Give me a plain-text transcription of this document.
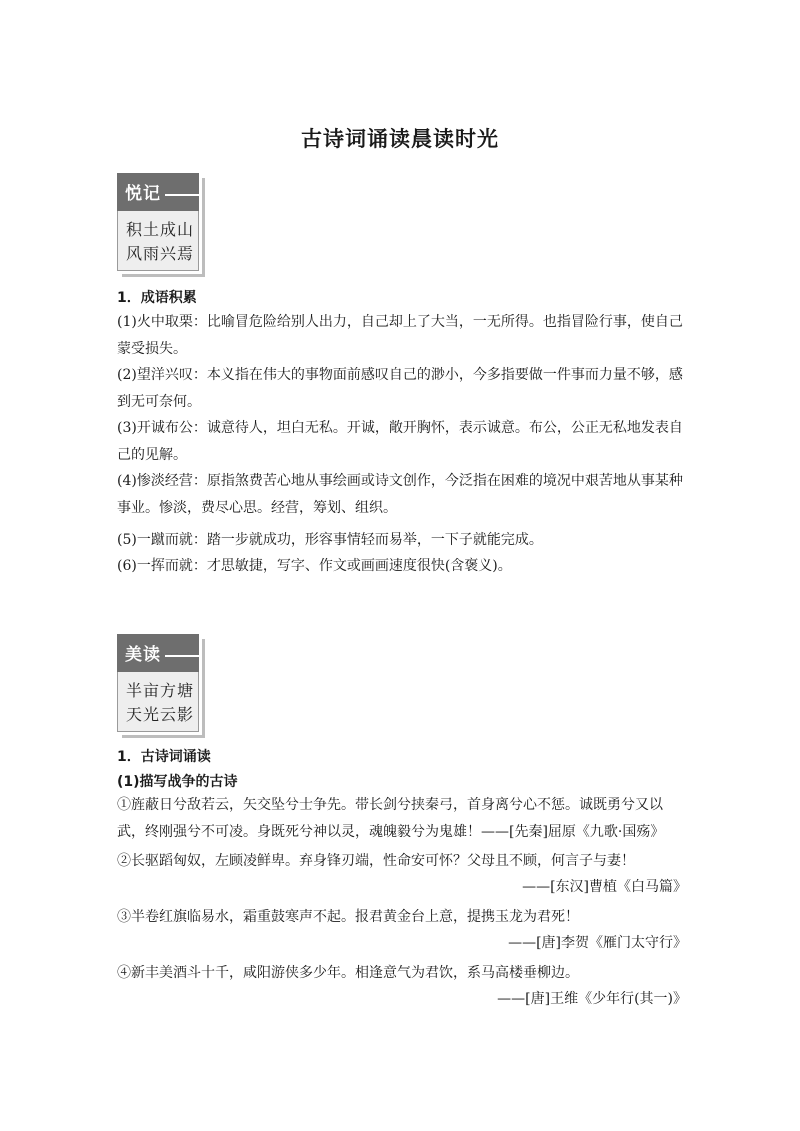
古诗词诵读晨读时光
悦记
积土成山
风雨兴焉
1．成语积累
(1)火中取栗：比喻冒危险给别人出力，自己却上了大当，一无所得。也指冒险行事，使自己蒙受损失。
(2)望洋兴叹：本义指在伟大的事物面前感叹自己的渺小，今多指要做一件事而力量不够，感到无可奈何。
(3)开诚布公：诚意待人，坦白无私。开诚，敞开胸怀，表示诚意。布公，公正无私地发表自己的见解。
(4)惨淡经营：原指煞费苦心地从事绘画或诗文创作，今泛指在困难的境况中艰苦地从事某种事业。惨淡，费尽心思。经营，筹划、组织。
(5)一蹴而就：踏一步就成功，形容事情轻而易举，一下子就能完成。
(6)一挥而就：才思敏捷，写字、作文或画画速度很快(含褒义)。
美读
半亩方塘
天光云影
1．古诗词诵读
(1)描写战争的古诗
①旌蔽日兮敌若云，矢交坠兮士争先。带长剑兮挟秦弓，首身离兮心不惩。诚既勇兮又以武，终刚强兮不可凌。身既死兮神以灵，魂魄毅兮为鬼雄！——[先秦]屈原《九歌·国殇》
②长驱蹈匈奴，左顾凌鲜卑。弃身锋刃端，性命安可怀？父母且不顾，何言子与妻！
——[东汉]曹植《白马篇》
③半卷红旗临易水，霜重鼓寒声不起。报君黄金台上意，提携玉龙为君死！
——[唐]李贺《雁门太守行》
④新丰美酒斗十千，咸阳游侠多少年。相逢意气为君饮，系马高楼垂柳边。
——[唐]王维《少年行(其一)》
